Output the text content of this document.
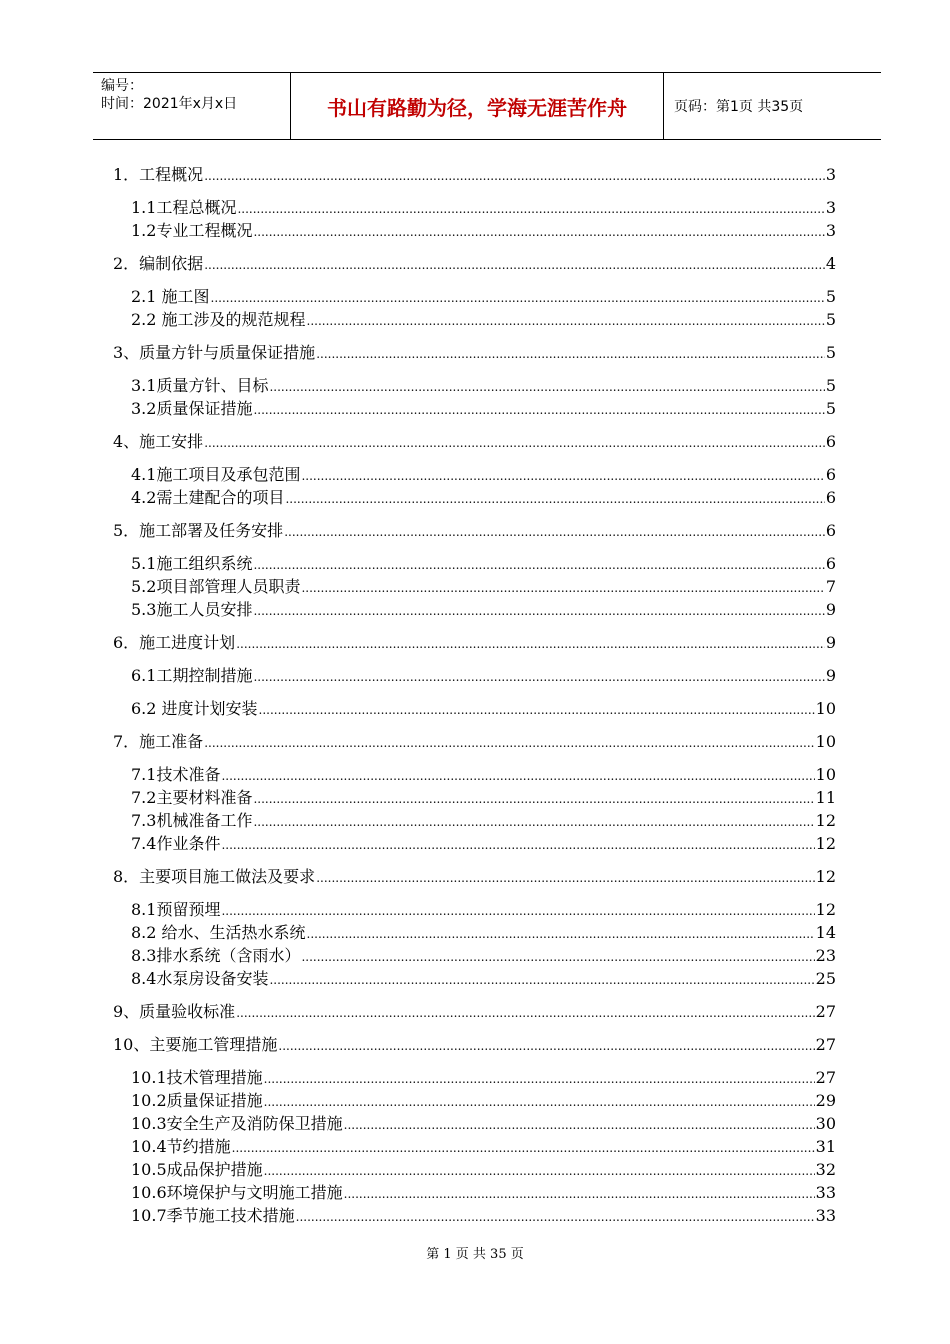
编号：
时间：2021年x月x日	书山有路勤为径，学海无涯苦作舟	页码：第1页 共35页
1．工程概况 .....	3
1.1工程总概况 .....	3
1.2专业工程概况 .....	3
2．编制依据 .....	4
2.1 施工图 .....	5
2.2 施工涉及的规范规程 .....	5
3、质量方针与质量保证措施 .....	5
3.1质量方针、目标 .....	5
3.2质量保证措施 .....	5
4、施工安排 .....	6
4.1施工项目及承包范围 .....	6
4.2需土建配合的项目 .....	6
5．施工部署及任务安排 .....	6
5.1施工组织系统 .....	6
5.2项目部管理人员职责 .....	7
5.3施工人员安排 .....	9
6．施工进度计划 .....	9
6.1工期控制措施 .....	9
6.2 进度计划安装 .....	10
7．施工准备 .....	10
7.1技术准备 .....	10
7.2主要材料准备 .....	11
7.3机械准备工作 .....	12
7.4作业条件 .....	12
8．主要项目施工做法及要求 .....	12
8.1预留预埋 .....	12
8.2 给水、生活热水系统 .....	14
8.3排水系统（含雨水） .....	23
8.4水泵房设备安装 .....	25
9、质量验收标准 .....	27
10、主要施工管理措施 .....	27
10.1技术管理措施 .....	27
10.2质量保证措施 .....	29
10.3安全生产及消防保卫措施 .....	30
10.4节约措施 .....	31
10.5成品保护措施 .....	32
10.6环境保护与文明施工措施 .....	33
10.7季节施工技术措施 .....	33
第 1 页 共 35 页
